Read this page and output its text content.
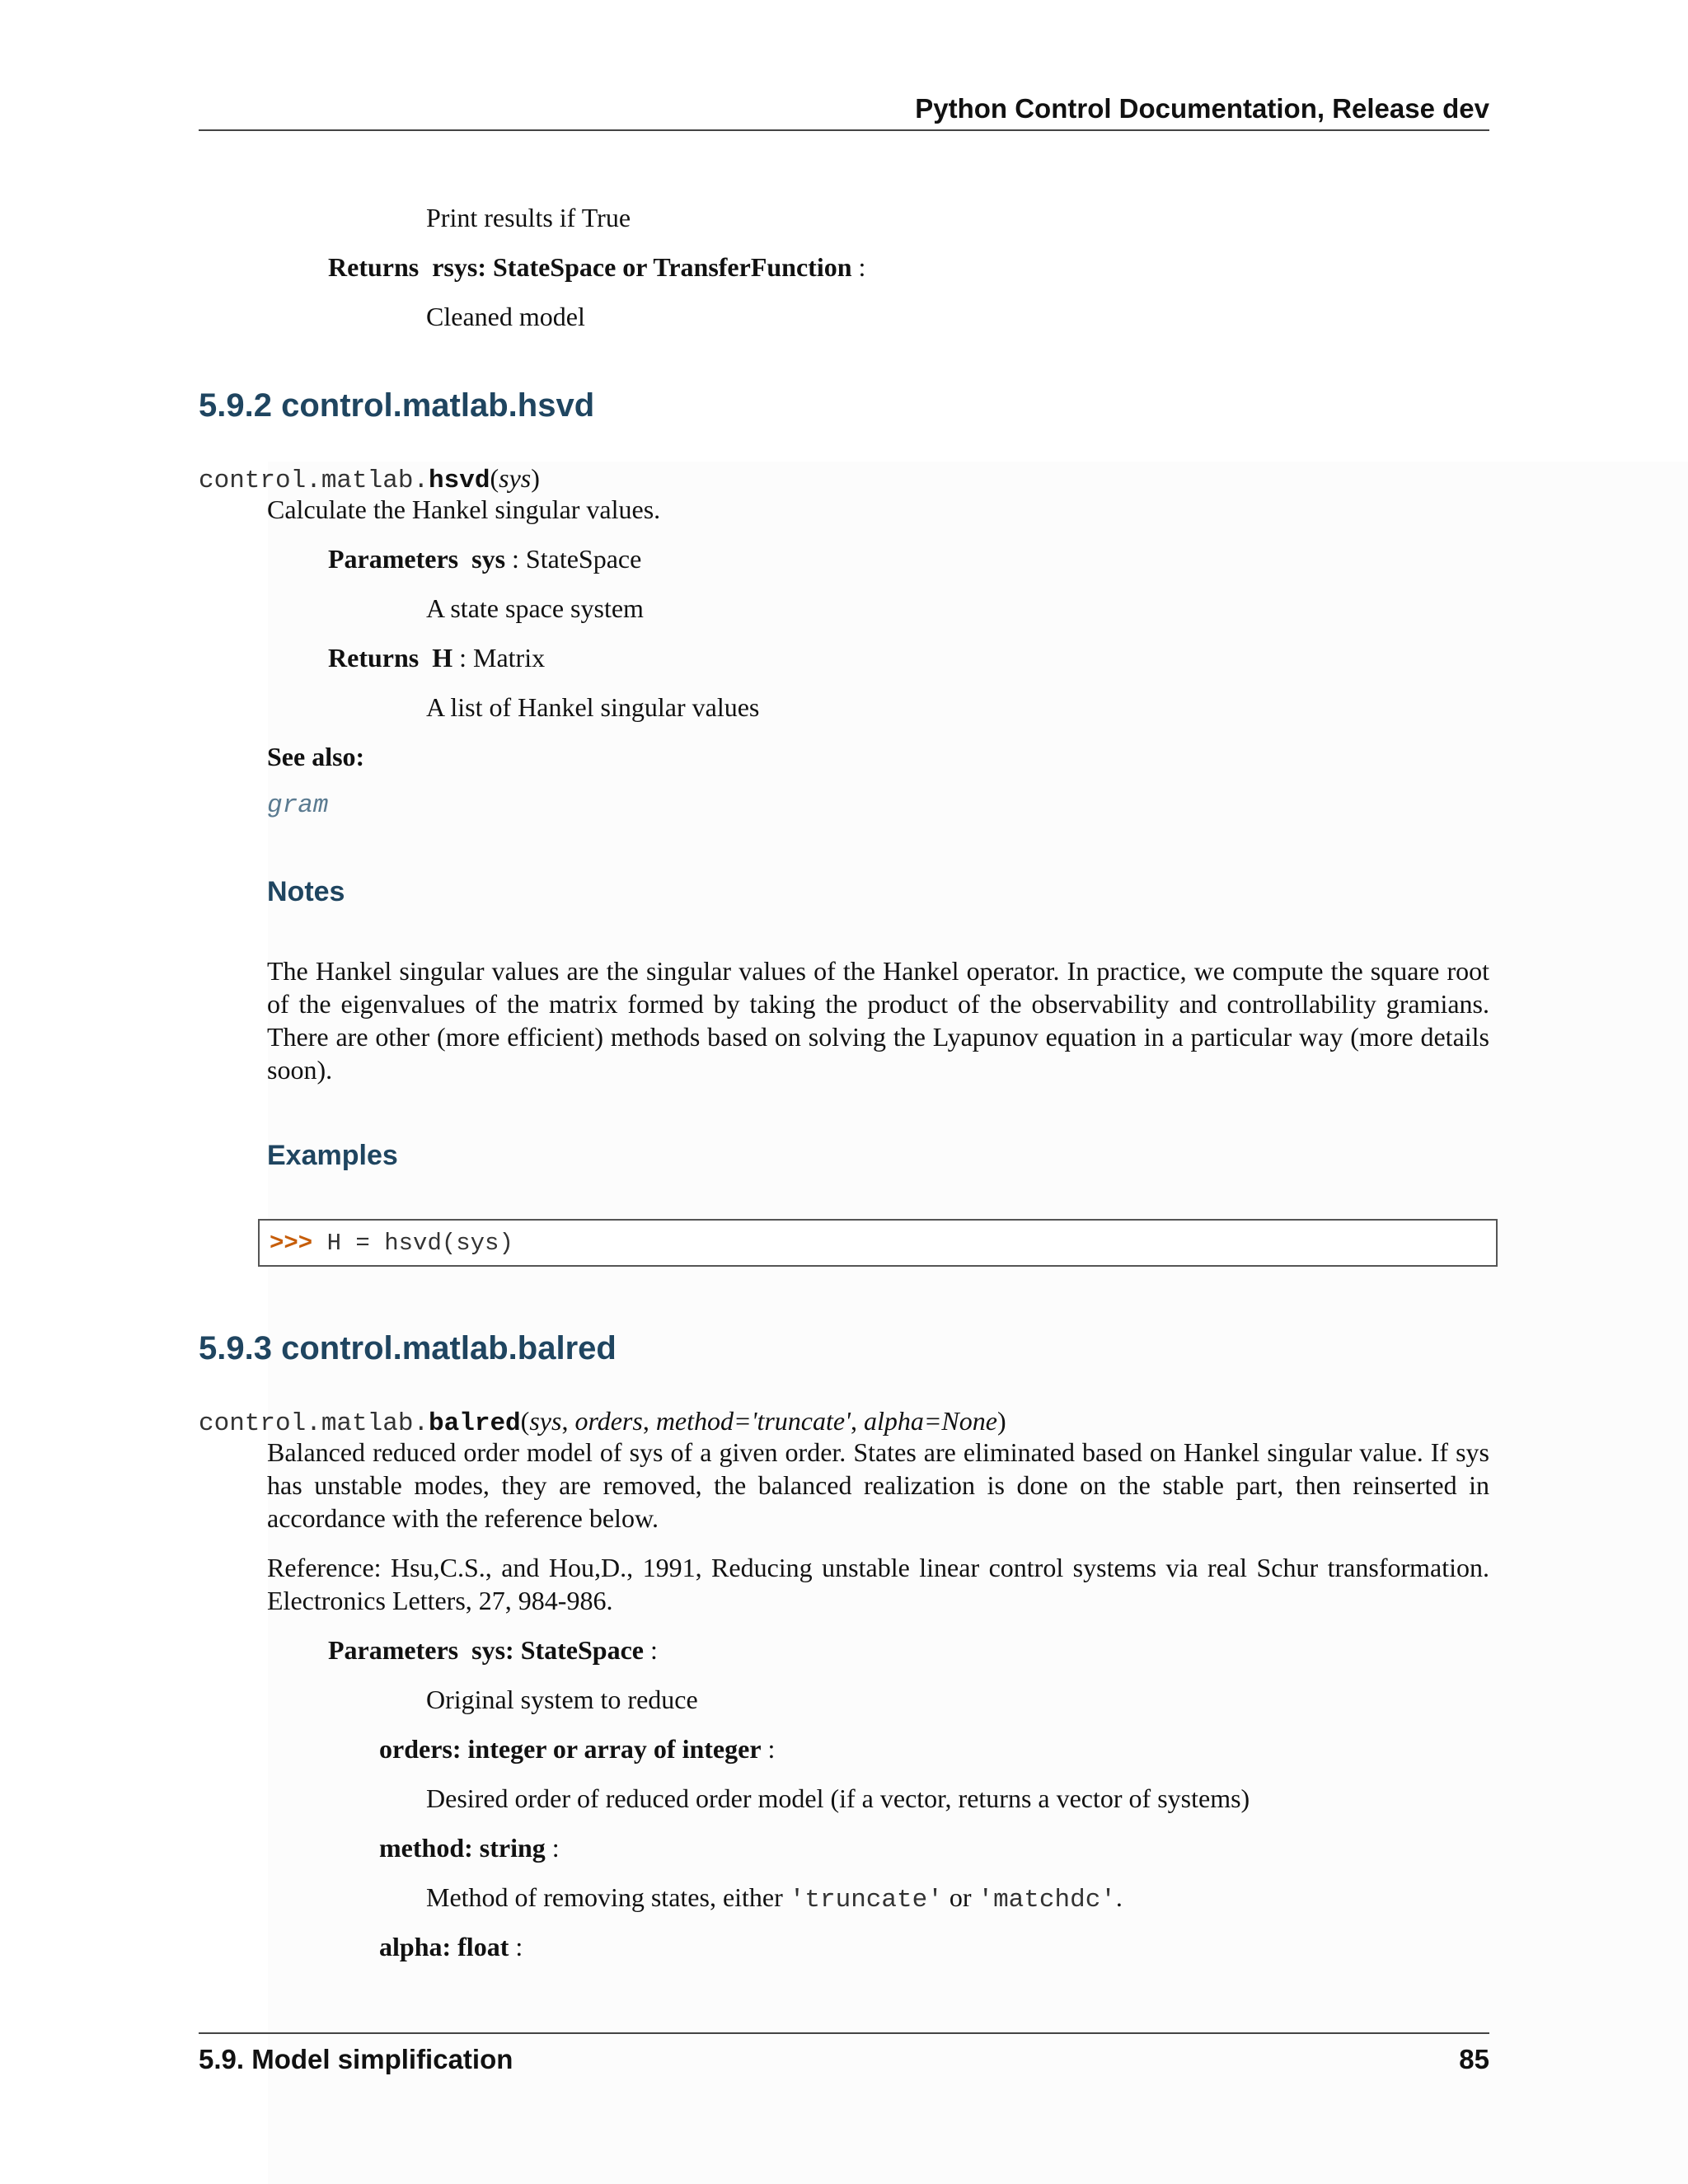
Python Control Documentation, Release dev
Print results if True
Returns rsys: StateSpace or TransferFunction :
Cleaned model
5.9.2 control.matlab.hsvd
control.matlab.hsvd(sys)
Calculate the Hankel singular values.
Parameters sys : StateSpace
A state space system
Returns H : Matrix
A list of Hankel singular values
See also:
gram
Notes
The Hankel singular values are the singular values of the Hankel operator. In practice, we compute the square root of the eigenvalues of the matrix formed by taking the product of the observability and controllability gramians. There are other (more efficient) methods based on solving the Lyapunov equation in a particular way (more details soon).
Examples
>>> H = hsvd(sys)
5.9.3 control.matlab.balred
control.matlab.balred(sys, orders, method='truncate', alpha=None)
Balanced reduced order model of sys of a given order. States are eliminated based on Hankel singular value. If sys has unstable modes, they are removed, the balanced realization is done on the stable part, then reinserted in accordance with the reference below.
Reference: Hsu,C.S., and Hou,D., 1991, Reducing unstable linear control systems via real Schur transformation. Electronics Letters, 27, 984-986.
Parameters sys: StateSpace :
Original system to reduce
orders: integer or array of integer :
Desired order of reduced order model (if a vector, returns a vector of systems)
method: string :
Method of removing states, either 'truncate' or 'matchdc'.
alpha: float :
5.9. Model simplification	85
